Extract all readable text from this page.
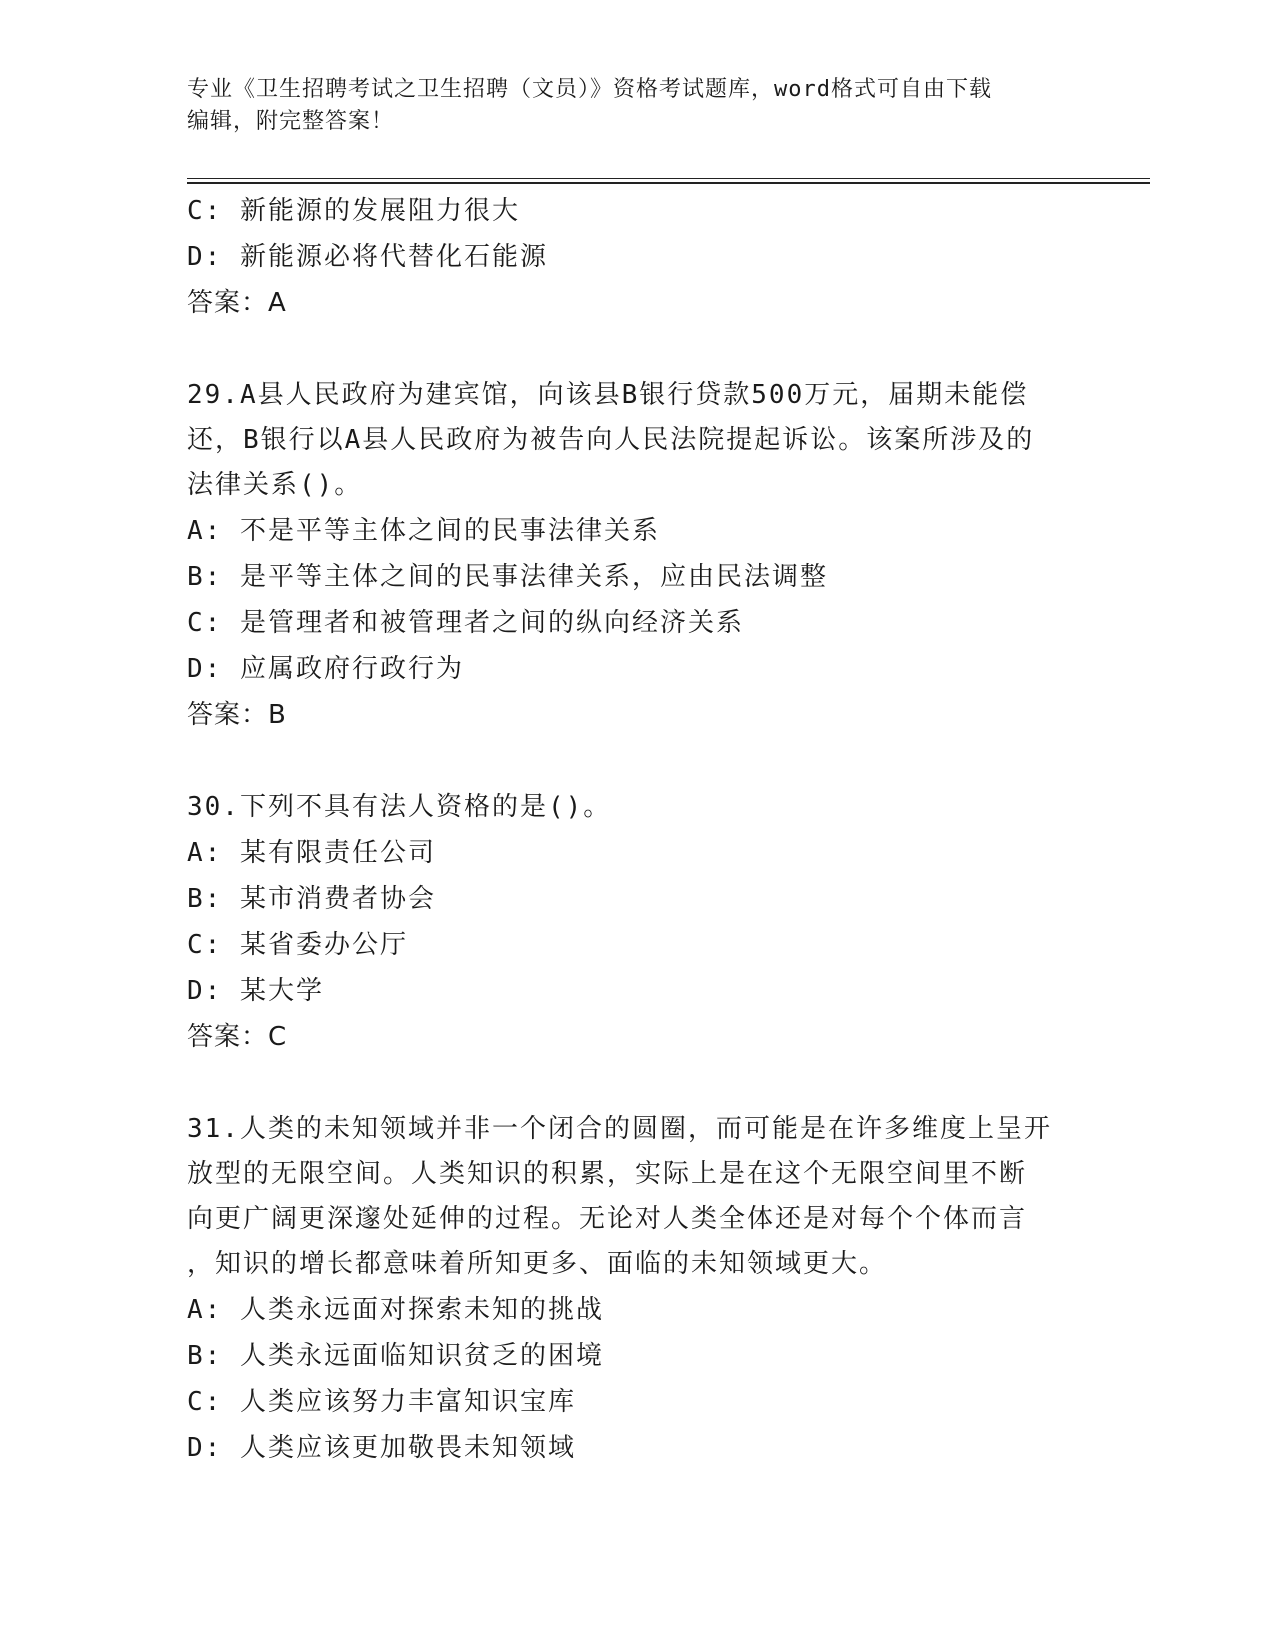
专业《卫生招聘考试之卫生招聘（文员）》资格考试题库，word格式可自由下载
编辑，附完整答案！
C: 新能源的发展阻力很大
D: 新能源必将代替化石能源
答案：A
29.A县人民政府为建宾馆，向该县B银行贷款500万元，届期未能偿
还，B银行以A县人民政府为被告向人民法院提起诉讼。该案所涉及的
法律关系()。
A: 不是平等主体之间的民事法律关系
B: 是平等主体之间的民事法律关系，应由民法调整
C: 是管理者和被管理者之间的纵向经济关系
D: 应属政府行政行为
答案：B
30.下列不具有法人资格的是()。
A: 某有限责任公司
B: 某市消费者协会
C: 某省委办公厅
D: 某大学
答案：C
31.人类的未知领域并非一个闭合的圆圈，而可能是在许多维度上呈开
放型的无限空间。人类知识的积累，实际上是在这个无限空间里不断
向更广阔更深邃处延伸的过程。无论对人类全体还是对每个个体而言
，知识的增长都意味着所知更多、面临的未知领域更大。
A: 人类永远面对探索未知的挑战
B: 人类永远面临知识贫乏的困境
C: 人类应该努力丰富知识宝库
D: 人类应该更加敬畏未知领域
